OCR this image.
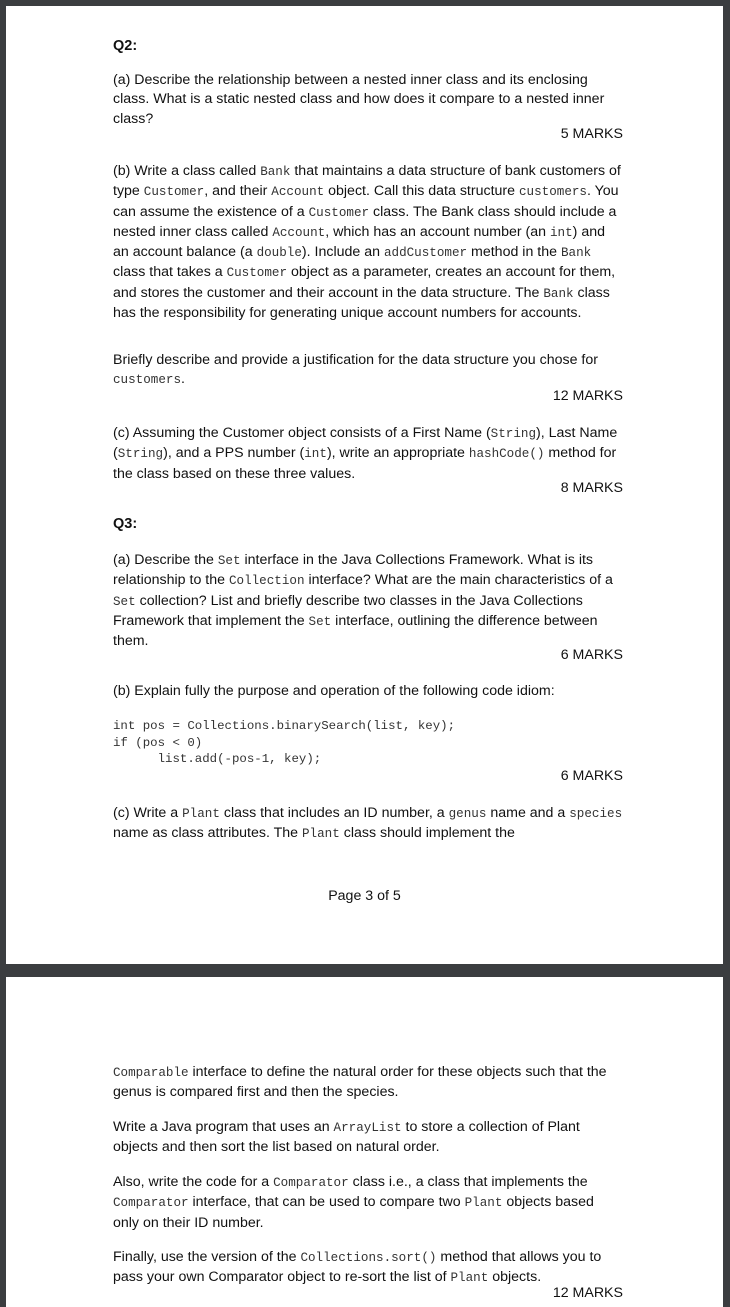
Q2:

(a) Describe the relationship between a nested inner class and its enclosing class. What is a static nested class and how does it compare to a nested inner class?

5 MARKS

(b) Write a class called Bank that maintains a data structure of bank customers of type Customer, and their Account object. Call this data structure customers. You can assume the existence of a Customer class. The Bank class should include a nested inner class called Account, which has an account number (an int) and an account balance (a double). Include an addCustomer method in the Bank class that takes a Customer object as a parameter, creates an account for them, and stores the customer and their account in the data structure. The Bank class has the responsibility for generating unique account numbers for accounts.

Briefly describe and provide a justification for the data structure you chose for customers.

12 MARKS

(c) Assuming the Customer object consists of a First Name (String), Last Name (String), and a PPS number (int), write an appropriate hashCode() method for the class based on these three values.

8 MARKS

Q3:

(a) Describe the Set interface in the Java Collections Framework. What is its relationship to the Collection interface? What are the main characteristics of a Set collection? List and briefly describe two classes in the Java Collections Framework that implement the Set interface, outlining the difference between them.

6 MARKS

(b) Explain fully the purpose and operation of the following code idiom:

int pos = Collections.binarySearch(list, key);
if (pos < 0)
list.add(-pos-1, key);

6 MARKS

(c) Write a Plant class that includes an ID number, a genus name and a species name as class attributes. The Plant class should implement the

Page 3 of 5

Comparable interface to define the natural order for these objects such that the genus is compared first and then the species.

Write a Java program that uses an ArrayList to store a collection of Plant objects and then sort the list based on natural order.

Also, write the code for a Comparator class i.e., a class that implements the Comparator interface, that can be used to compare two Plant objects based only on their ID number.

Finally, use the version of the Collections.sort() method that allows you to pass your own Comparator object to re-sort the list of Plant objects.

12 MARKS
